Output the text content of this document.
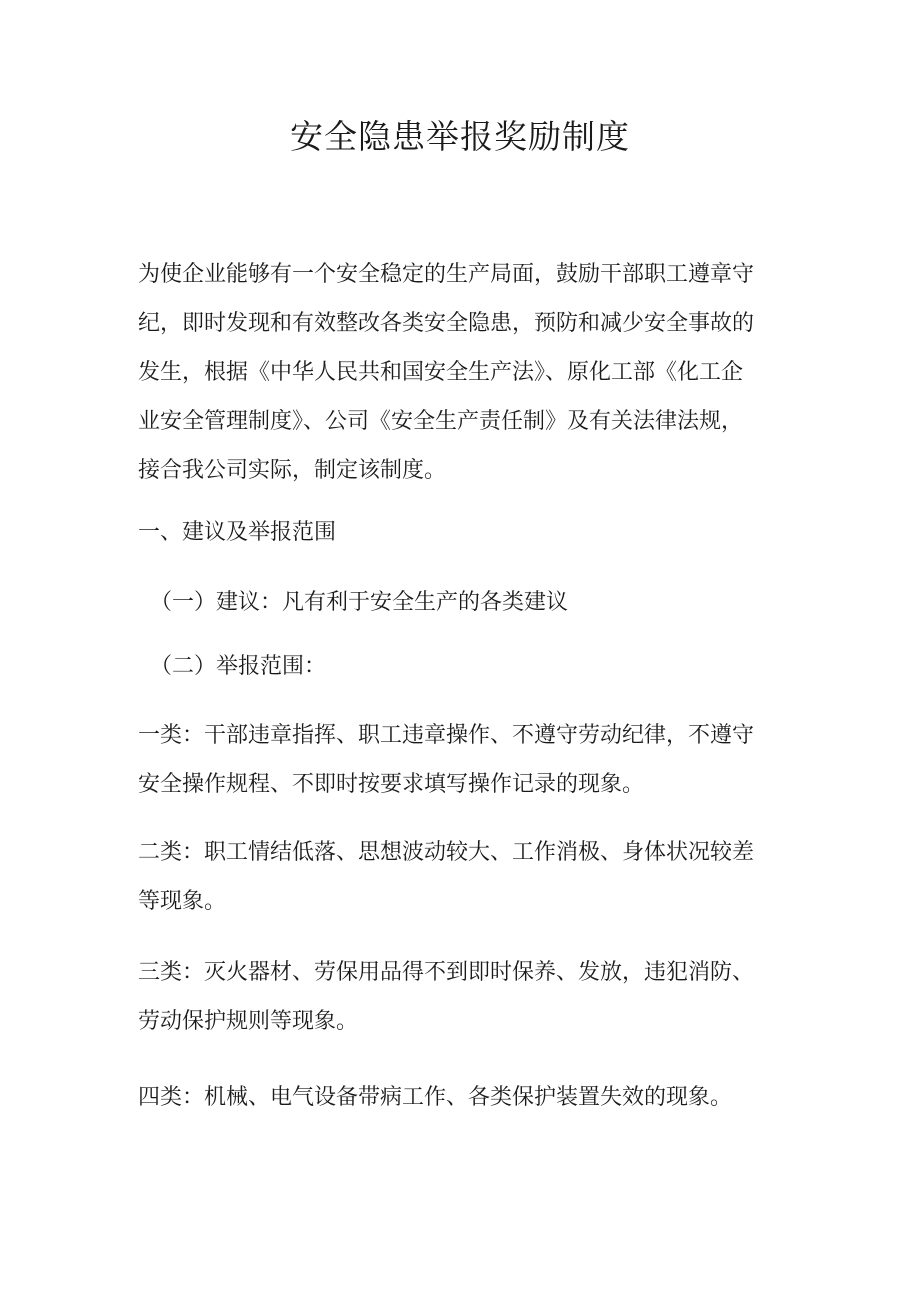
安全隐患举报奖励制度

为使企业能够有一个安全稳定的生产局面，鼓励干部职工遵章守
纪，即时发现和有效整改各类安全隐患，预防和减少安全事故的
发生，根据《中华人民共和国安全生产法》、原化工部《化工企
业安全管理制度》、公司《安全生产责任制》及有关法律法规，
接合我公司实际，制定该制度。

一、建议及举报范围

（一）建议：凡有利于安全生产的各类建议

（二）举报范围：

一类：干部违章指挥、职工违章操作、不遵守劳动纪律，不遵守
安全操作规程、不即时按要求填写操作记录的现象。

二类：职工情结低落、思想波动较大、工作消极、身体状况较差
等现象。

三类：灭火器材、劳保用品得不到即时保养、发放，违犯消防、
劳动保护规则等现象。

四类：机械、电气设备带病工作、各类保护装置失效的现象。
